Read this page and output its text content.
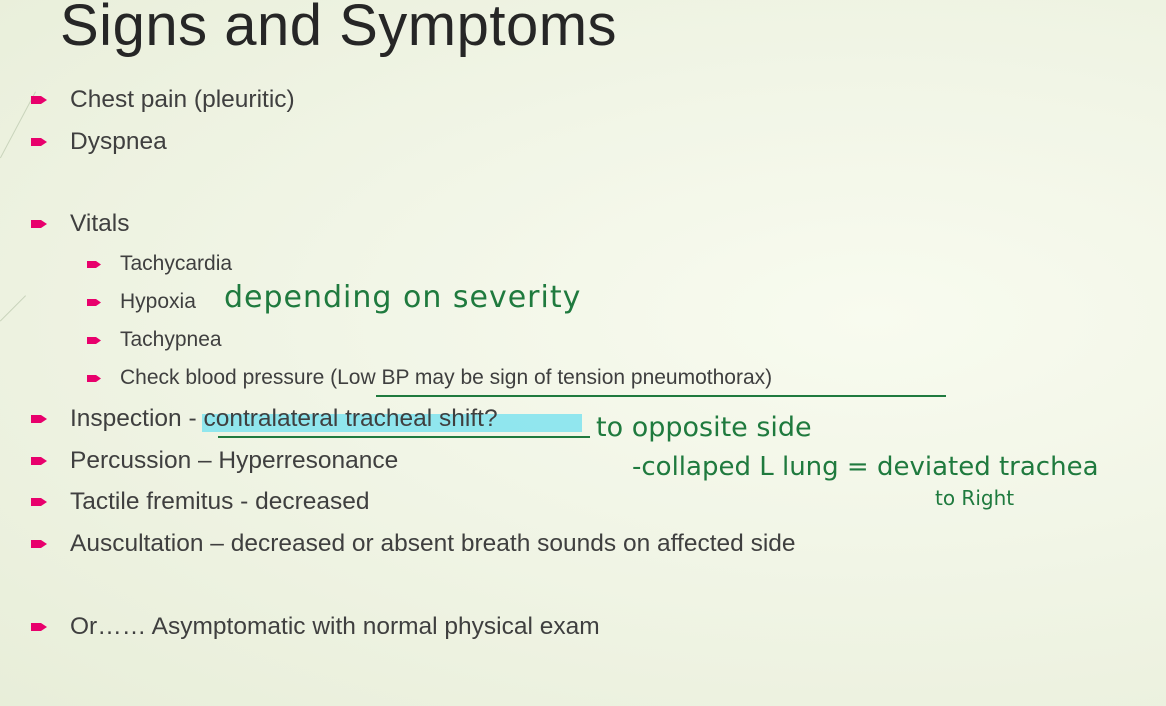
Signs and Symptoms
Chest pain (pleuritic)
Dyspnea
Vitals
Tachycardia
Hypoxia
Tachypnea
Check blood pressure (Low BP may be sign of tension pneumothorax)
Inspection - contralateral tracheal shift?
Percussion – Hyperresonance
Tactile fremitus - decreased
Auscultation – decreased or absent breath sounds on affected side
Or…… Asymptomatic with normal physical exam
depending on severity
to opposite side
-collaped L lung = deviated trachea
to Right
